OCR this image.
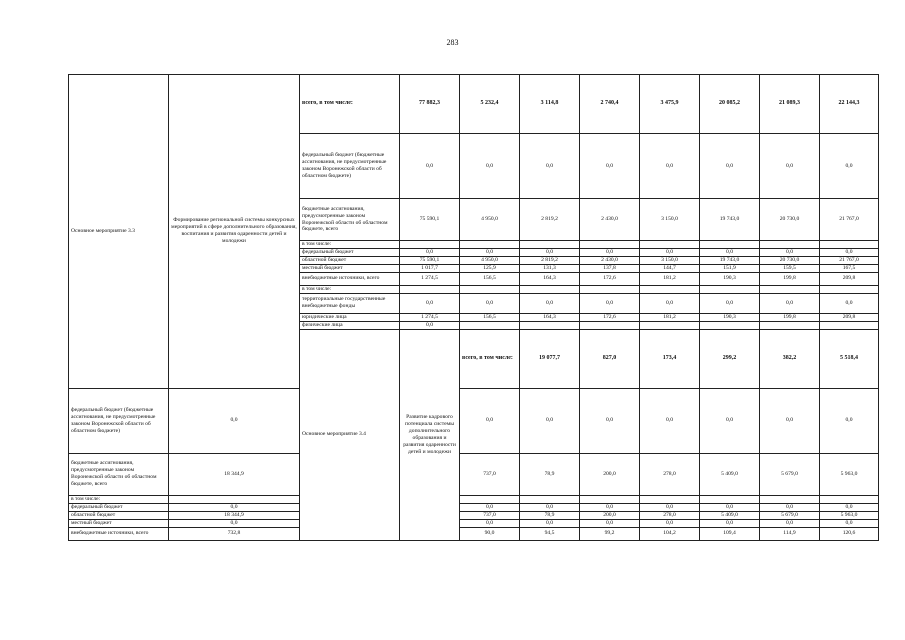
283
Основное мероприятие 3.3	Формирование региональной системы конкурсных мероприятий в сфере дополнительного образования, воспитания и развития одаренности детей и молодежи	всего, в том числе:	77 882,3	5 232,4	3 114,8	2 740,4	3 475,9	20 085,2	21 089,3	22 144,3	
		федеральный бюджет (бюджетные ассигнования, не предусмотренные законом Воронежской области об областном бюджете)	0,0	0,0	0,0	0,0	0,0	0,0	0,0	0,0	
		бюджетные ассигнования, предусмотренные законом Воронежской области об областном бюджете, всего	75 590,1	4 950,0	2 819,2	2 430,0	3 150,0	19 743,0	20 730,0	21 767,0	
		в том числе:									
		федеральный бюджет	0,0	0,0	0,0	0,0	0,0	0,0	0,0	0,0	
		областной бюджет	75 590,1	4 950,0	2 819,2	2 430,0	3 150,0	19 743,0	20 730,0	21 767,0	
		местный бюджет	1 017,7	125,9	131,3	137,8	144,7	151,9	159,5	167,5	
		внебюджетные источники, всего	1 274,5	156,5	164,3	172,6	181,2	190,3	199,8	209,8	
		в том числе:									
		территориальные государственные внебюджетные фонды	0,0	0,0	0,0	0,0	0,0	0,0	0,0	0,0	
		юридические лица	1 274,5	156,5	164,3	172,6	181,2	190,3	199,8	209,8	
		физические лица	0,0								
		Основное мероприятие 3.4	Развитие кадрового потенциала системы дополнительного образования и развития одаренности детей и молодежи	всего, в том числе:	19 077,7	827,0	173,4	299,2	382,2	5 518,4		
федеральный бюджет (бюджетные ассигнования, не предусмотренные законом Воронежской области об областном бюджете)	0,0			0,0	0,0	0,0	0,0	0,0	0,0	0,0	
бюджетные ассигнования, предусмотренные законом Воронежской области об областном бюджете, всего	18 344,9			737,0	78,9	200,0	278,0	5 409,0	5 679,0	5 963,0	
в том числе:											
федеральный бюджет	0,0			0,0	0,0	0,0	0,0	0,0	0,0	0,0	
областной бюджет	18 344,9			737,0	78,9	200,0	278,0	5 409,0	5 679,0	5 963,0	
местный бюджет	0,0			0,0	0,0	0,0	0,0	0,0	0,0	0,0	
внебюджетные источники, всего	732,8			90,0	94,5	99,2	104,2	109,4	114,9	120,6	
